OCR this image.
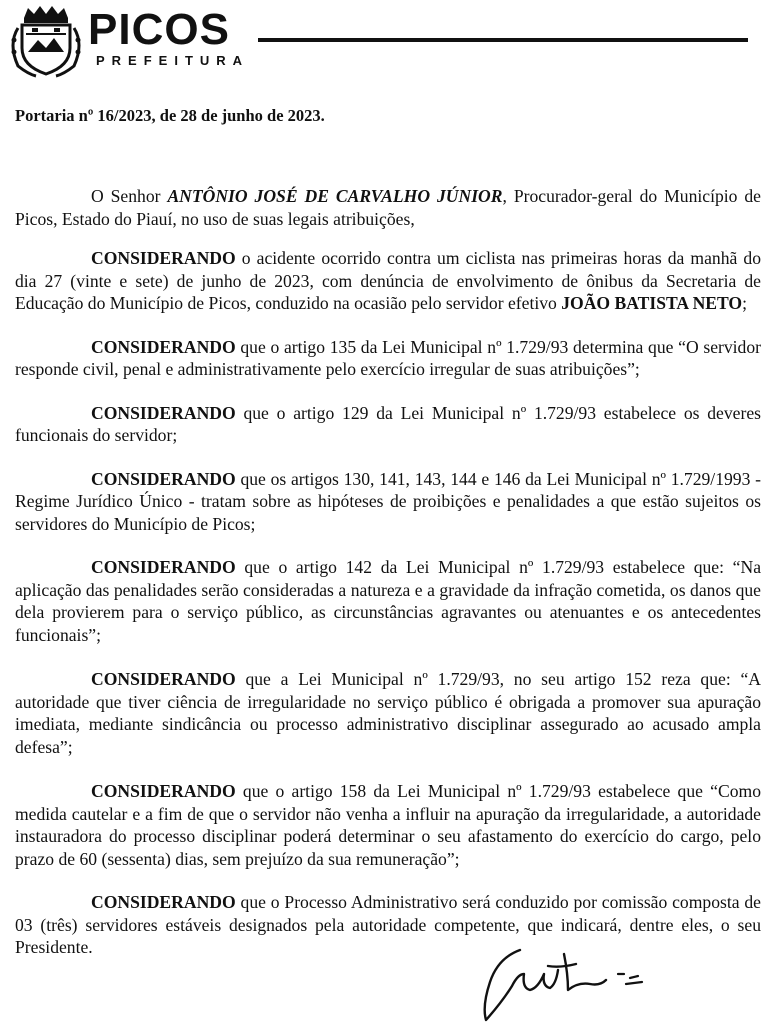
PICOS
PREFEITURA

Portaria nº 16/2023, de 28 de junho de 2023.

O Senhor ANTÔNIO JOSÉ DE CARVALHO JÚNIOR, Procurador-geral do Município de Picos, Estado do Piauí, no uso de suas legais atribuições,

CONSIDERANDO o acidente ocorrido contra um ciclista nas primeiras horas da manhã do dia 27 (vinte e sete) de junho de 2023, com denúncia de envolvimento de ônibus da Secretaria de Educação do Município de Picos, conduzido na ocasião pelo servidor efetivo JOÃO BATISTA NETO;

CONSIDERANDO que o artigo 135 da Lei Municipal nº 1.729/93 determina que “O servidor responde civil, penal e administrativamente pelo exercício irregular de suas atribuições”;

CONSIDERANDO que o artigo 129 da Lei Municipal nº 1.729/93 estabelece os deveres funcionais do servidor;

CONSIDERANDO que os artigos 130, 141, 143, 144 e 146 da Lei Municipal nº 1.729/1993 - Regime Jurídico Único - tratam sobre as hipóteses de proibições e penalidades a que estão sujeitos os servidores do Município de Picos;

CONSIDERANDO que o artigo 142 da Lei Municipal nº 1.729/93 estabelece que: “Na aplicação das penalidades serão consideradas a natureza e a gravidade da infração cometida, os danos que dela provierem para o serviço público, as circunstâncias agravantes ou atenuantes e os antecedentes funcionais”;

CONSIDERANDO que a Lei Municipal nº 1.729/93, no seu artigo 152 reza que: “A autoridade que tiver ciência de irregularidade no serviço público é obrigada a promover sua apuração imediata, mediante sindicância ou processo administrativo disciplinar assegurado ao acusado ampla defesa”;

CONSIDERANDO que o artigo 158 da Lei Municipal nº 1.729/93 estabelece que “Como medida cautelar e a fim de que o servidor não venha a influir na apuração da irregularidade, a autoridade instauradora do processo disciplinar poderá determinar o seu afastamento do exercício do cargo, pelo prazo de 60 (sessenta) dias, sem prejuízo da sua remuneração”;

CONSIDERANDO que o Processo Administrativo será conduzido por comissão composta de 03 (três) servidores estáveis designados pela autoridade competente, que indicará, dentre eles, o seu Presidente.
